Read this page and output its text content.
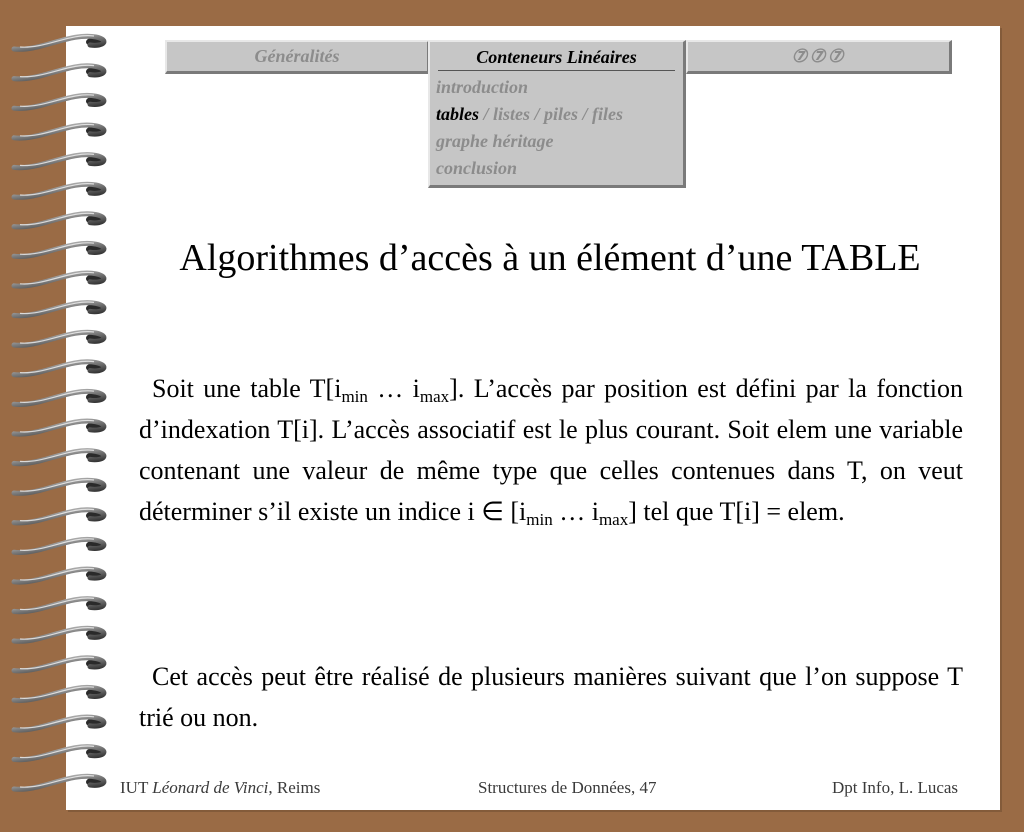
Généralités	Conteneurs Linéaires
introduction
tables / listes / piles / files
graphe héritage
conclusion
⑦⑦⑦
Algorithmes d’accès à un élément d’une TABLE
 Soit une table $T[i_{min}$ … $i_{max}$]. L’accès par position est défini par la fonction d’indexation T[i]. L’accès associatif est le plus courant. Soit elem une variable contenant une valeur de même type que celles contenues dans T, on veut déterminer s’il existe un indice i ∈ [$i_{min}$ … $i_{max}$] tel que T[i] = elem.
 Cet accès peut être réalisé de plusieurs manières suivant que l’on suppose T trié ou non.
IUT Léonard de Vinci, Reims	Structures de Données, 47	Dpt Info, L. Lucas
